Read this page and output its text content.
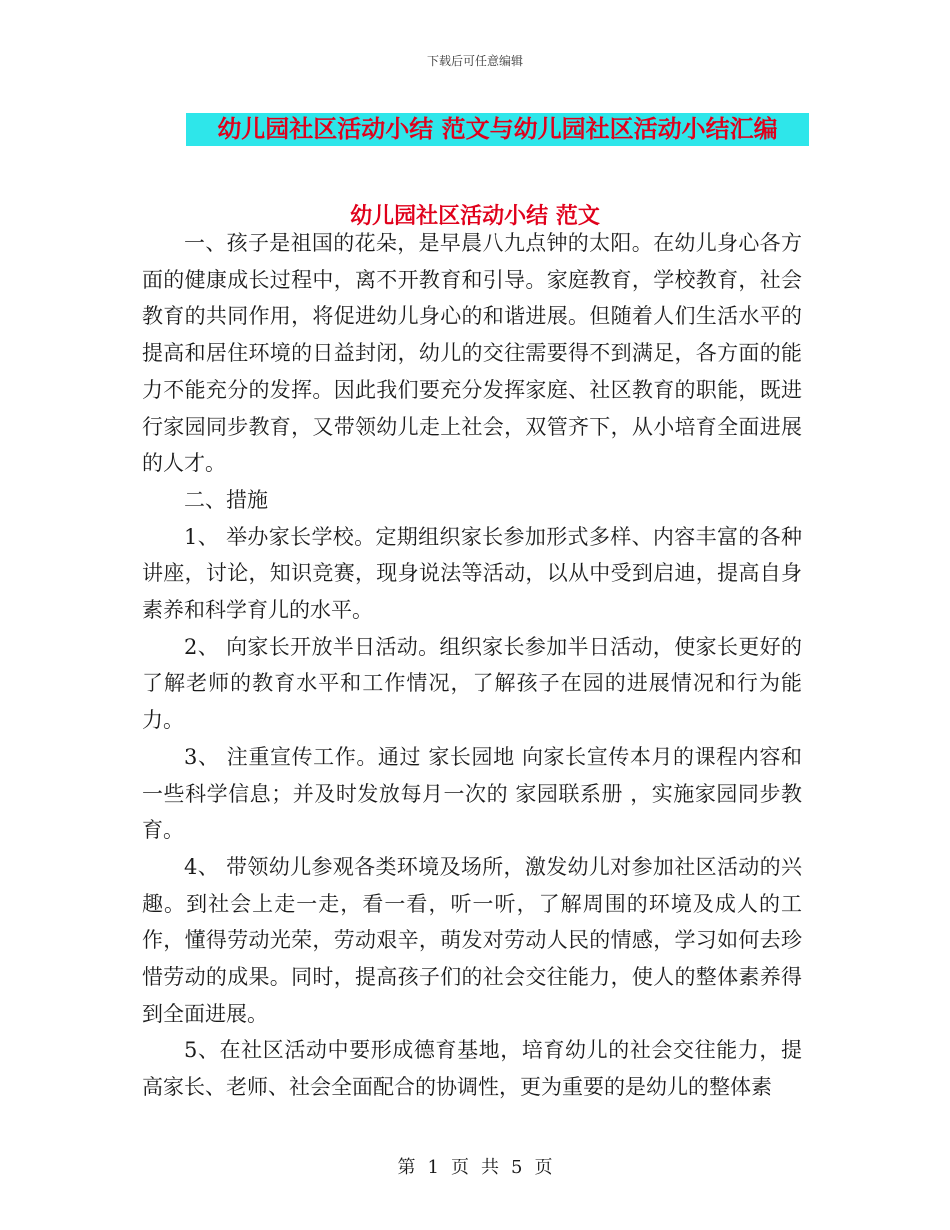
下载后可任意编辑
幼儿园社区活动小结 范文与幼儿园社区活动小结汇编
幼儿园社区活动小结 范文

一、孩子是祖国的花朵，是早晨八九点钟的太阳。在幼儿身心各方面的健康成长过程中，离不开教育和引导。家庭教育，学校教育，社会教育的共同作用，将促进幼儿身心的和谐进展。但随着人们生活水平的提高和居住环境的日益封闭，幼儿的交往需要得不到满足，各方面的能力不能充分的发挥。因此我们要充分发挥家庭、社区教育的职能，既进行家园同步教育，又带领幼儿走上社会，双管齐下，从小培育全面进展的人才。

二、措施

1、 举办家长学校。定期组织家长参加形式多样、内容丰富的各种讲座，讨论，知识竞赛，现身说法等活动，以从中受到启迪，提高自身素养和科学育儿的水平。

2、 向家长开放半日活动。组织家长参加半日活动，使家长更好的了解老师的教育水平和工作情况，了解孩子在园的进展情况和行为能力。

3、 注重宣传工作。通过 家长园地 向家长宣传本月的课程内容和一些科学信息；并及时发放每月一次的 家园联系册 ，实施家园同步教育。

4、 带领幼儿参观各类环境及场所，激发幼儿对参加社区活动的兴趣。到社会上走一走，看一看，听一听，了解周围的环境及成人的工作，懂得劳动光荣，劳动艰辛，萌发对劳动人民的情感，学习如何去珍惜劳动的成果。同时，提高孩子们的社会交往能力，使人的整体素养得到全面进展。

5、在社区活动中要形成德育基地，培育幼儿的社会交往能力，提高家长、老师、社会全面配合的协调性，更为重要的是幼儿的整体素

第 1 页 共 5 页
